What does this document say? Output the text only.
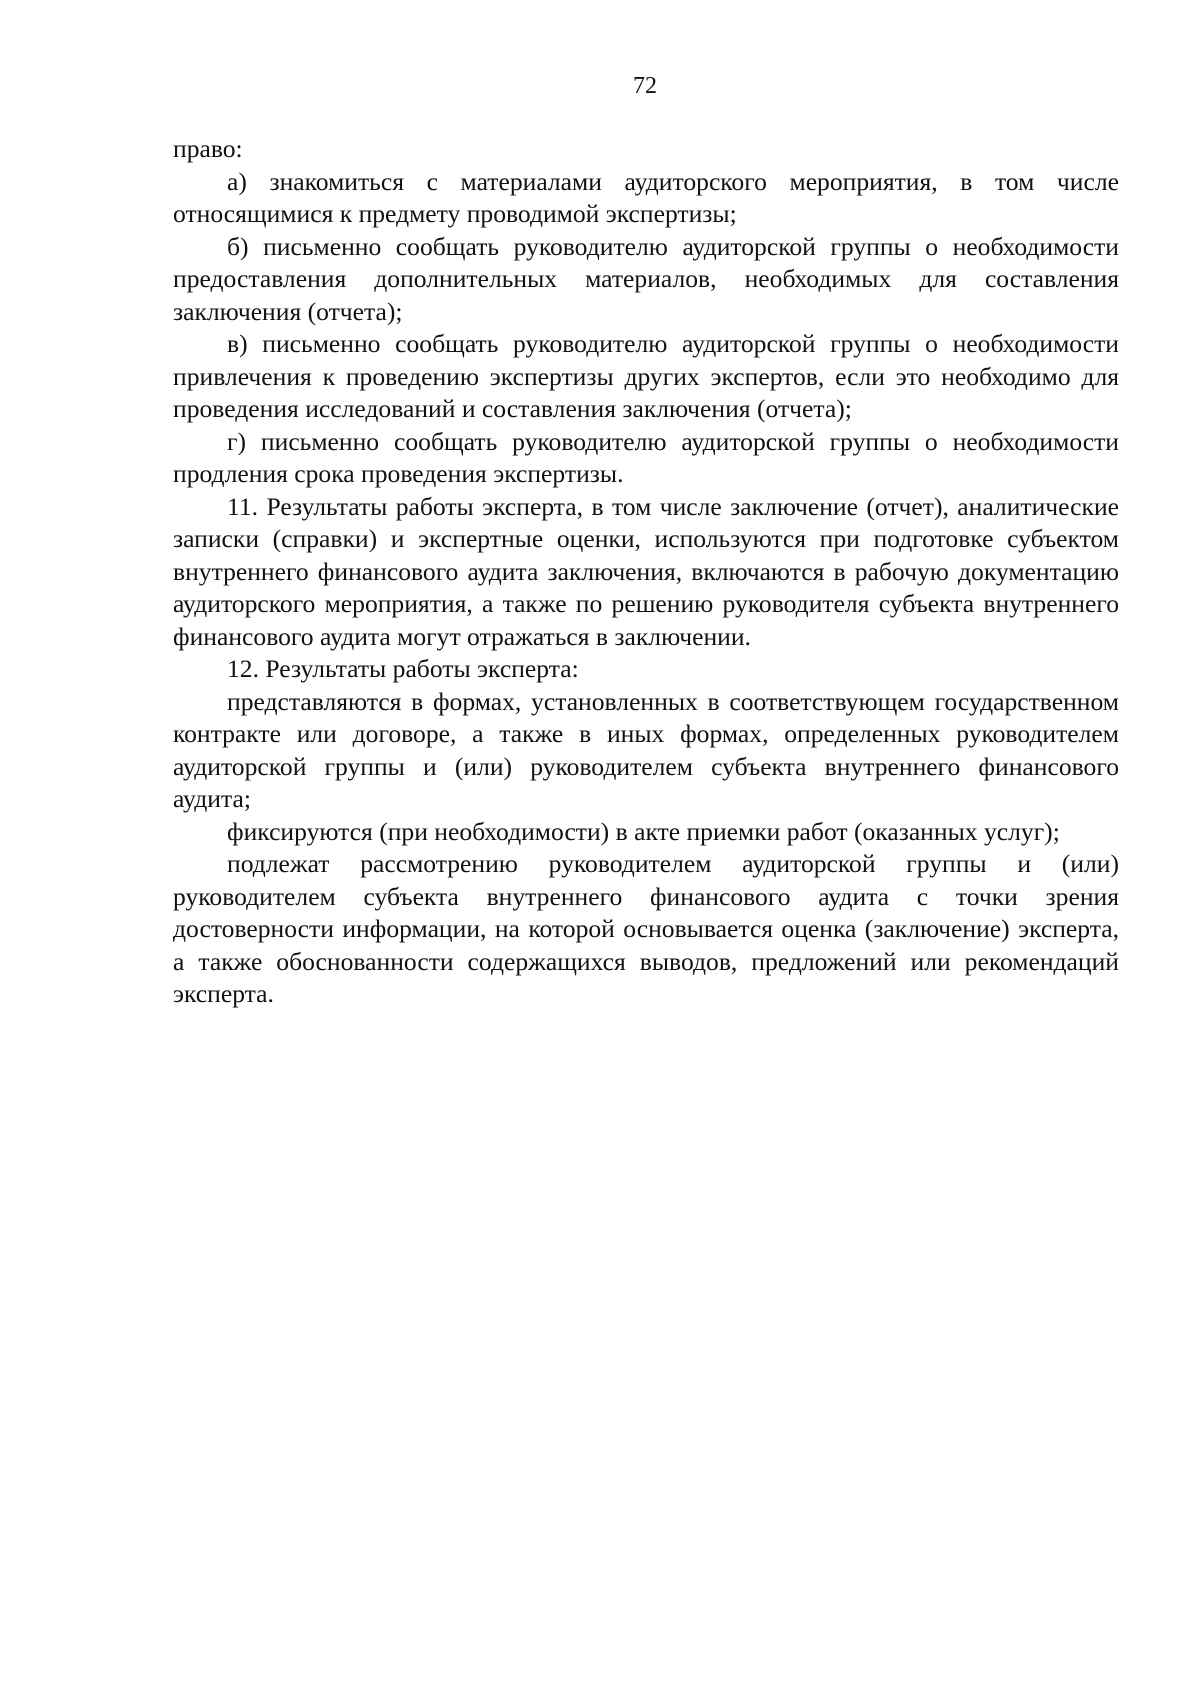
72

право:

а) знакомиться с материалами аудиторского мероприятия, в том числе относящимися к предмету проводимой экспертизы;

б) письменно сообщать руководителю аудиторской группы о необходимости предоставления дополнительных материалов, необходимых для составления заключения (отчета);

в) письменно сообщать руководителю аудиторской группы о необходимости привлечения к проведению экспертизы других экспертов, если это необходимо для проведения исследований и составления заключения (отчета);

г) письменно сообщать руководителю аудиторской группы о необходимости продления срока проведения экспертизы.

11. Результаты работы эксперта, в том числе заключение (отчет), аналитические записки (справки) и экспертные оценки, используются при подготовке субъектом внутреннего финансового аудита заключения, включаются в рабочую документацию аудиторского мероприятия, а также по решению руководителя субъекта внутреннего финансового аудита могут отражаться в заключении.

12. Результаты работы эксперта:

представляются в формах, установленных в соответствующем государственном контракте или договоре, а также в иных формах, определенных руководителем аудиторской группы и (или) руководителем субъекта внутреннего финансового аудита;

фиксируются (при необходимости) в акте приемки работ (оказанных услуг);

подлежат рассмотрению руководителем аудиторской группы и (или) руководителем субъекта внутреннего финансового аудита с точки зрения достоверности информации, на которой основывается оценка (заключение) эксперта, а также обоснованности содержащихся выводов, предложений или рекомендаций эксперта.
